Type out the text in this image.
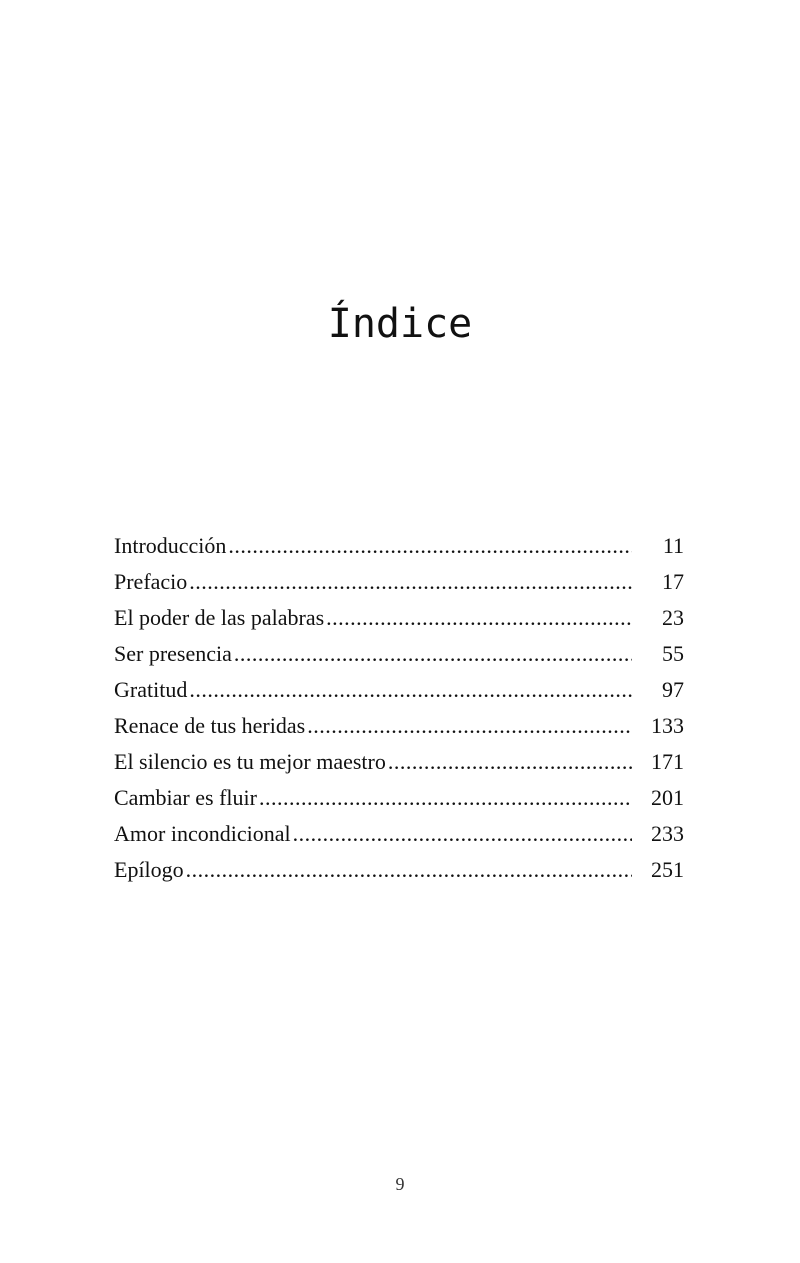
Índice
Introducción .....	11
Prefacio .....	17
El poder de las palabras .....	23
Ser presencia .....	55
Gratitud .....	97
Renace de tus heridas .....	133
El silencio es tu mejor maestro .....	171
Cambiar es fluir .....	201
Amor incondicional .....	233
Epílogo .....	251
9
